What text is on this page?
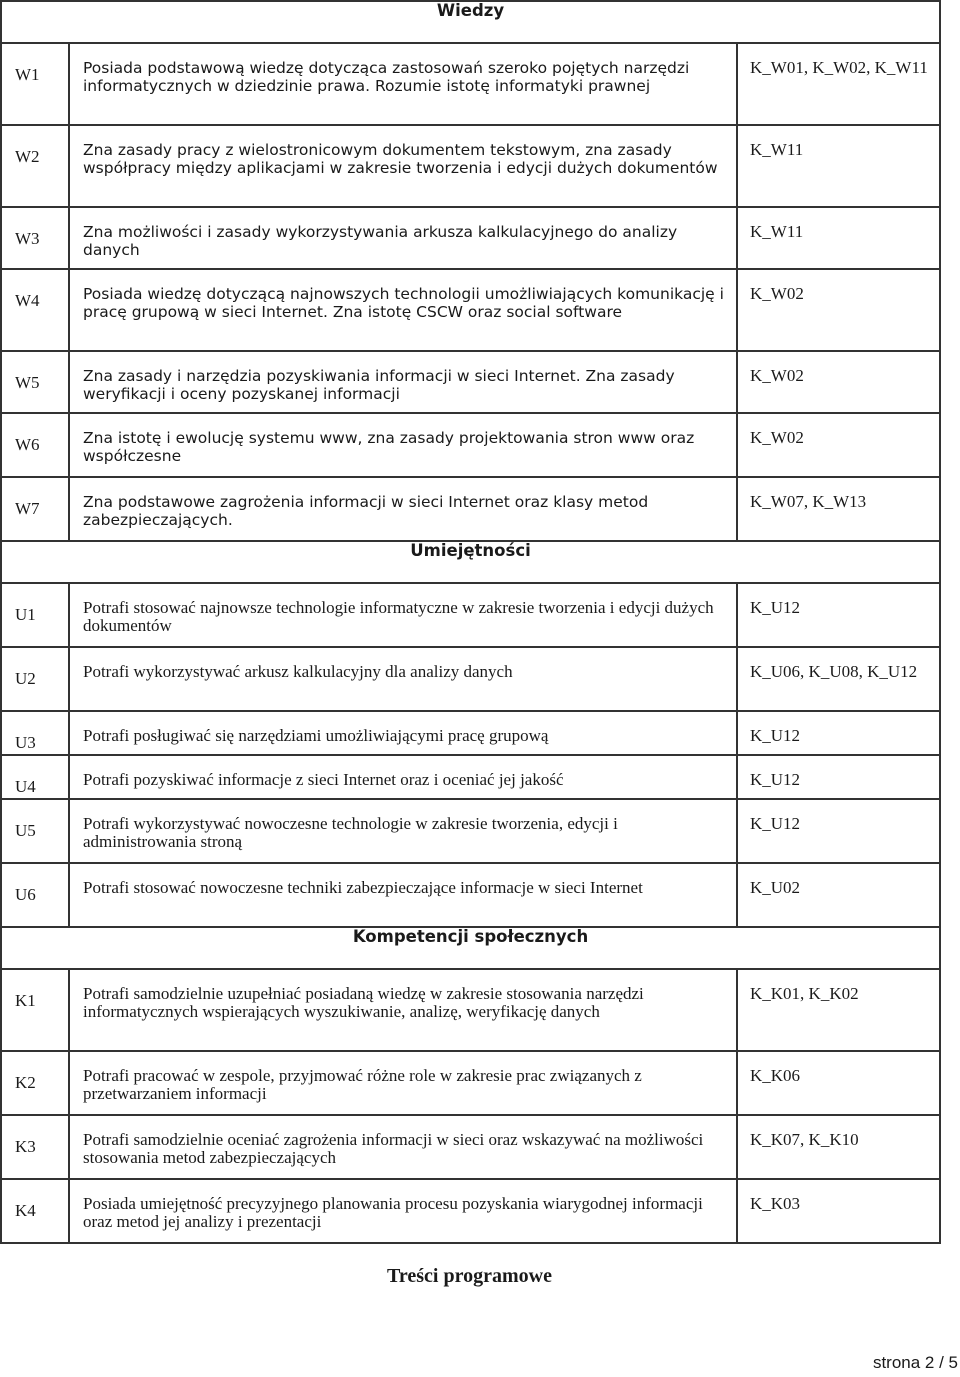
Wiedzy		
W1	Posiada podstawową wiedzę dotycząca zastosowań szeroko pojętych narzędzi informatycznych w dziedzinie prawa. Rozumie istotę informatyki prawnej	K_W01, K_W02, K_W11
W2	Zna zasady pracy z wielostronicowym dokumentem tekstowym, zna zasady współpracy między aplikacjami w zakresie tworzenia i edycji dużych dokumentów	K_W11
W3	Zna możliwości i zasady wykorzystywania arkusza kalkulacyjnego do analizy danych	K_W11
W4	Posiada wiedzę dotyczącą najnowszych technologii umożliwiających komunikację i pracę grupową w sieci Internet. Zna istotę CSCW oraz social software	K_W02
W5	Zna zasady i narzędzia pozyskiwania informacji w sieci Internet. Zna zasady weryfikacji i oceny pozyskanej informacji	K_W02
W6	Zna istotę i ewolucję systemu www, zna zasady projektowania stron www oraz współczesne	K_W02
W7	Zna podstawowe zagrożenia informacji w sieci Internet oraz klasy metod zabezpieczających.	K_W07, K_W13
Umiejętności		
U1	Potrafi stosować najnowsze technologie informatyczne w zakresie tworzenia i edycji dużych dokumentów	K_U12
U2	Potrafi wykorzystywać arkusz kalkulacyjny dla analizy danych	K_U06, K_U08, K_U12
U3	Potrafi posługiwać się narzędziami umożliwiającymi pracę grupową	K_U12
U4	Potrafi pozyskiwać informacje z sieci Internet oraz i oceniać jej jakość	K_U12
U5	Potrafi wykorzystywać nowoczesne technologie w zakresie tworzenia, edycji i administrowania stroną	K_U12
U6	Potrafi stosować nowoczesne techniki zabezpieczające informacje w sieci Internet	K_U02
Kompetencji społecznych		
K1	Potrafi samodzielnie uzupełniać posiadaną wiedzę w zakresie stosowania narzędzi informatycznych wspierających wyszukiwanie, analizę, weryfikację danych	K_K01, K_K02
K2	Potrafi pracować w zespole, przyjmować różne role w zakresie prac związanych z przetwarzaniem informacji	K_K06
K3	Potrafi samodzielnie oceniać zagrożenia informacji w sieci oraz wskazywać na możliwości stosowania metod zabezpieczających	K_K07, K_K10
K4	Posiada umiejętność precyzyjnego planowania procesu pozyskania wiarygodnej informacji oraz metod jej analizy i prezentacji	K_K03
Treści programowe
strona 2 / 5
